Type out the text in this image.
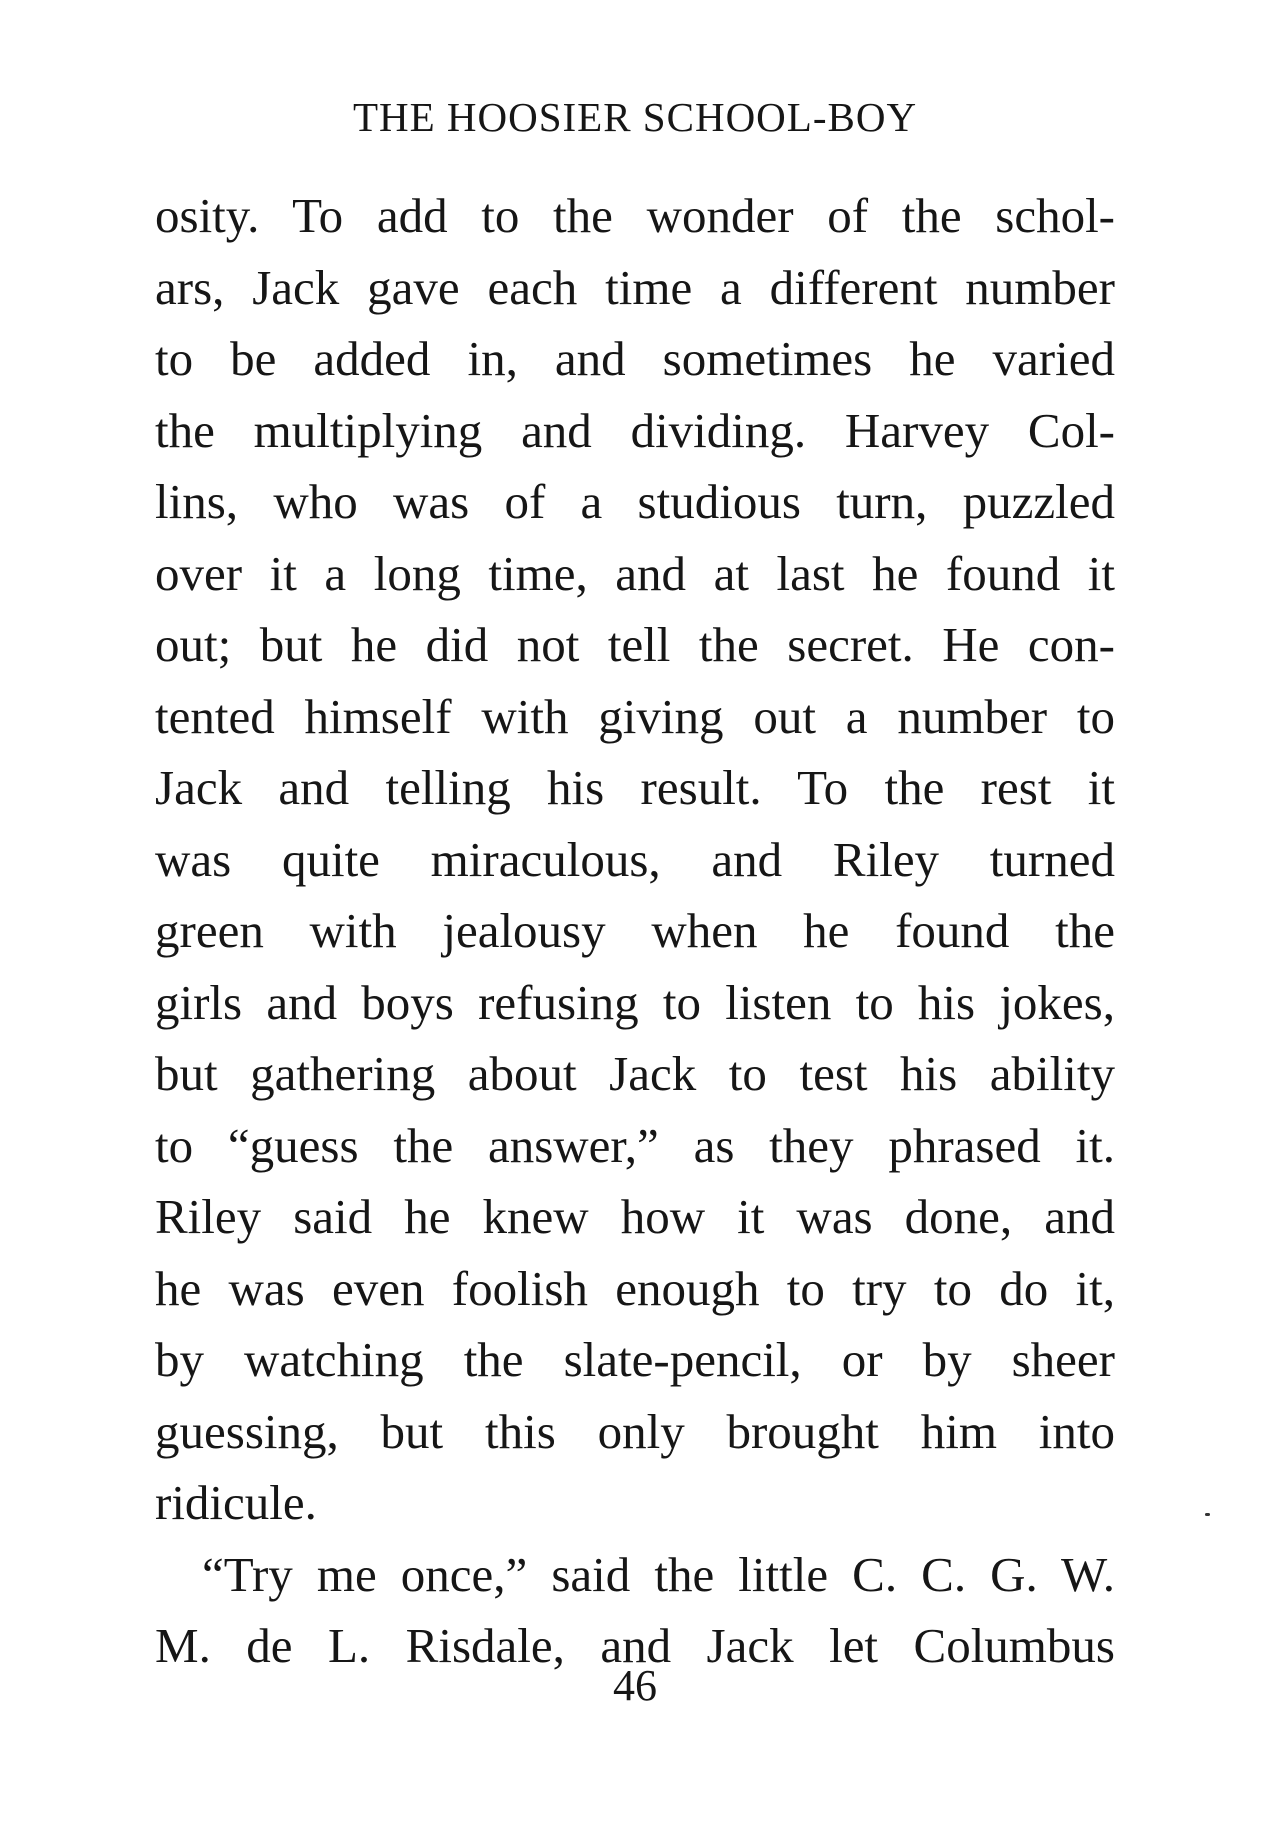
THE HOOSIER SCHOOL-BOY
osity. To add to the wonder of the schol-
ars, Jack gave each time a different number
to be added in, and sometimes he varied
the multiplying and dividing. Harvey Col-
lins, who was of a studious turn, puzzled
over it a long time, and at last he found it
out; but he did not tell the secret. He con-
tented himself with giving out a number to
Jack and telling his result. To the rest it
was quite miraculous, and Riley turned
green with jealousy when he found the
girls and boys refusing to listen to his jokes,
but gathering about Jack to test his ability
to “guess the answer,” as they phrased it.
Riley said he knew how it was done, and
he was even foolish enough to try to do it,
by watching the slate-pencil, or by sheer
guessing, but this only brought him into
ridicule.
“Try me once,” said the little C. C. G. W.
M. de L. Risdale, and Jack let Columbus
46
